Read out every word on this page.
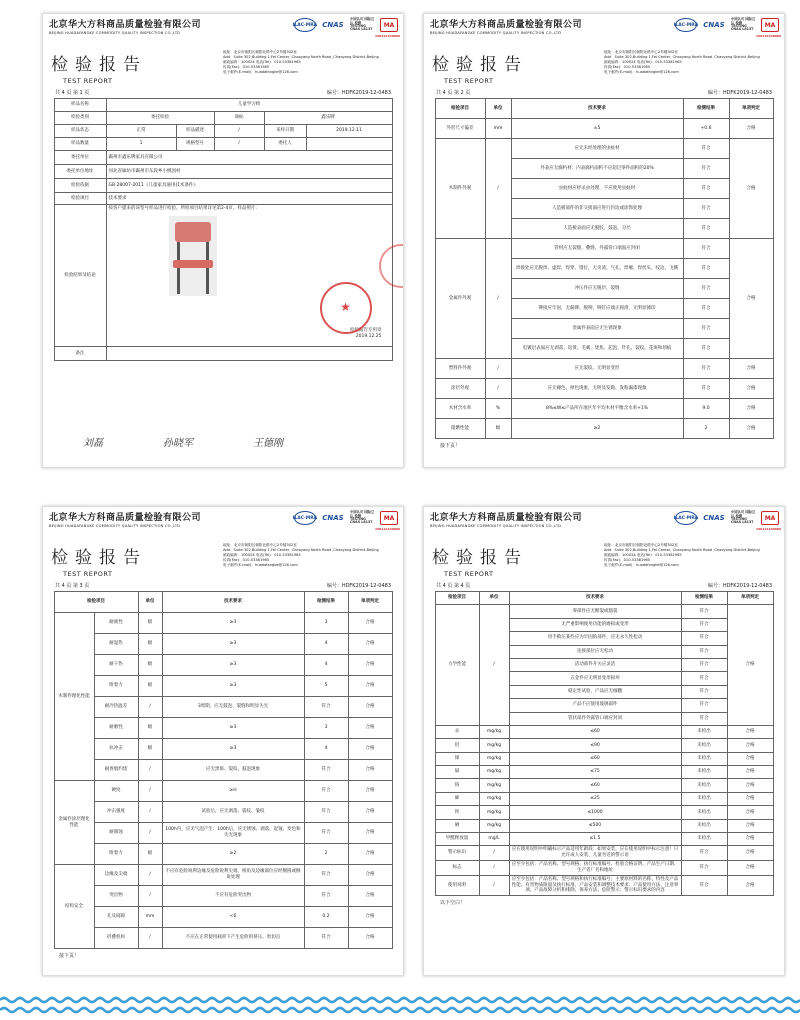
北京华大方科商品质量检验有限公司
BEIJING HUADAFANGKE COMMODITY QUALITY INSPECTION CO.,LTD
ILAC·MRA CNAS
中国认可 国际互认 检测 TESTING CNAS L8137
MA
150111340006
检验报告
TEST REPORT
地址：北京市朝阳区朝阳北路中心2号楼302室
Add：Suite 302,Building 1,Fei Center, Chaoyang North Road ,Chaoyang District,Beijing
邮政编码：100024 电话(Tel)：010-53381965
传真(Fax)：010-53381965
电子邮件(E-mail)：huadafangke@126.com
共 4 页 第 1 页	编号：HDFK2019-12-0483
样品名称	儿童学习椅				
检验类别	委托检验		商标	鑫乐牌	
样品状态	正常	样品描述	/	来样日期	2019.12.11
样品数量	1	规格型号	/	委托人	
委托单位	霸州市鑫乐牌家具有限公司				
委托单位地址	河北省廊坊市霸州市东段乡小桃园村				
检验依据	GB 28007-2011《儿童家具通用技术条件》				
检验项目	技术要求				
检验结果及结论	按客户提来的该型号样品进行检验，所检项目结果详见第2-4页。样品照片：
检验报告专用章
2019.12.25
★				

备注					
刘磊	孙晓军	王德刚
北京华大方科商品质量检验有限公司
BEIJING HUADAFANGKE COMMODITY QUALITY INSPECTION CO.,LTD
ILAC·MRA CNAS
中国认可 国际互认 检测 TESTING CNAS L8137
MA
150111340006
检验报告
TEST REPORT
地址：北京市朝阳区朝阳北路中心2号楼302室
Add：Suite 302,Building 1,Fei Center, Chaoyang North Road ,Chaoyang District,Beijing
邮政编码：100024 电话(Tel)：010-53381965
传真(Fax)：010-53381965
电子邮件(E-mail)：huadafangke@126.com
共 4 页 第 2 页	编号：HDFK2019-12-0483
检验项目	单位	技术要求	检测结果	单项判定
外形尺寸偏差	mm	±5	+0.6	合格
木制件外观	/	应无未经处理的虫蛀材	符合	合格
		外表应无腐朽材；内表腐朽面积不应超过零件面积的20%	符合	
		虫蛀材应经杀虫处理，不应使用虫蛀材	符合	
		人造板部件的非交接面应进行封边或涂饰处理	符合	
		人造板表面应无脱胶、鼓泡、分层	符合	
金属件外观	/	管材应无裂缝、叠缝，外露管口端面应封闭	符合	合格
		焊接处应无脱焊、虚焊、焊穿、错位，无夹渣、气孔、焊瘤、焊丝头、咬边、飞溅	符合	
		冲压件应无脱层、裂缝	符合	
		铆接应牢固，无漏铆、脱铆，铆钉应端正圆滑，无明显锤印	符合	
		金属件表面应无生锈现象	符合	
		电镀层表面应无剥落、返黄、毛刺、烧焦、起泡、针孔、裂纹、花斑和划痕	符合	
塑料件外观	/	应无裂纹、无明显变形	符合	合格
涂层外观	/	应无褪色、掉色现象，无明显发黏、发粘漏漆现象	符合	合格
木材含水率	%	8%≤W≤产品所在地区年平均木材平衡含水率+1%	9.0	合格
阻燃性能	级	≥2	2	合格
接下页！
北京华大方科商品质量检验有限公司
BEIJING HUADAFANGKE COMMODITY QUALITY INSPECTION CO.,LTD
ILAC·MRA CNAS
中国认可 国际互认 检测 TESTING CNAS L8137
MA
150111340006
检验报告
TEST REPORT
地址：北京市朝阳区朝阳北路中心2号楼302室
Add：Suite 302,Building 1,Fei Center, Chaoyang North Road ,Chaoyang District,Beijing
邮政编码：100024 电话(Tel)：010-53381965
传真(Fax)：010-53381965
电子邮件(E-mail)：huadafangke@126.com
共 4 页 第 3 页	编号：HDFK2019-12-0483
检验项目		单位	技术要求	检测结果	单项判定
木制件理化性能	耐液性	级	≥3	3	合格
	耐湿热	级	≥3	4	合格
	耐干热	级	≥3	4	合格
	附着力	级	≥3	5	合格
	耐冷热温差	/	3周期，应无鼓泡、裂缝和明显失光	符合	合格
	耐磨性	级	≥3	3	合格
	抗冲击	级	≥3	4	合格
	耐香烟灼烧	/	应无黑斑、裂纹、鼓泡现象	符合	合格
金属件涂层理化性能	硬度	/	≥H	符合	合格
	冲击强度	/	试验后，应无剥落、裂纹、皱纹	符合	合格
	耐腐蚀	/	100h内，应无气泡产生；100h后，应无锈蚀、剥落、起皱、变色和失光现象	符合	合格
	附着力	级	≥2	2	合格
结构安全	边缘及尖端	/	不应有危险锐利边缘及危险锐利尖端，棱角及边缘部位应经倒圆或倒角处理	符合	合格
	突出物	/	不应有危险突出物	符合	合格
	孔及间隙	mm	<6	0.2	合格
	折叠机构	/	不应在正常使用载荷下产生危险的挤压、剪切点	符合	合格
接下页！
北京华大方科商品质量检验有限公司
BEIJING HUADAFANGKE COMMODITY QUALITY INSPECTION CO.,LTD
ILAC·MRA CNAS
中国认可 国际互认 检测 TESTING CNAS L8137
MA
150111340006
检验报告
TEST REPORT
地址：北京市朝阳区朝阳北路中心2号楼302室
Add：Suite 302,Building 1,Fei Center, Chaoyang North Road ,Chaoyang District,Beijing
邮政编码：100024 电话(Tel)：010-53381965
传真(Fax)：010-53381965
电子邮件(E-mail)：huadafangke@126.com
共 4 页 第 4 页	编号：HDFK2019-12-0483
检验项目	单位	技术要求	检测结果	单项判定
力学性能	/	零部件应无断裂或豁裂	符合	合格
		无严重影响使用功能的磨损或变形	符合	
		用手揿压某些应为牢固的部件，应无永久性松动	符合	
		连接部位应无松动	符合	
		活动部件开关应灵活	符合	
		五金件应无明显变形损坏	符合	
		稳定性试验，产品应无倾翻	符合	
		产品不应使用玻璃部件	符合	
		管状部件外露管口端应封闭	符合	
汞	mg/kg	≤60	未检出	合格
铅	mg/kg	≤90	未检出	合格
锑	mg/kg	≤60	未检出	合格
镉	mg/kg	≤75	未检出	合格
铬	mg/kg	≤60	未检出	合格
砷	mg/kg	≤25	未检出	合格
钡	mg/kg	≤1000	未检出	合格
硒	mg/kg	≤500	未检出	合格
甲醛释放量	mg/L	≤1.5	未检出	合格
警示标识	/	应在使用说明中明确标示产品适用年龄段：如果安装，应在使用说明中标示注意！只允许成人安装，儿童勿近的警示语	符合	合格
标志	/	应至少包括：产品名称、型号规格、执行标准编号、检验合格证明、产品生产日期、生产者厂名和地址	符合	合格
使用说明	/	应至少包括：产品名称、型号规格和执行标准编号；主要原材料的名称、特性及产品性能；有害物质限量及执行标准，产品安装和调整技术要求；产品使用方法、注意事项；产品故障分析和排除、保养方法；危险警示；警示标识要求的内容	符合	合格
以下空白！
